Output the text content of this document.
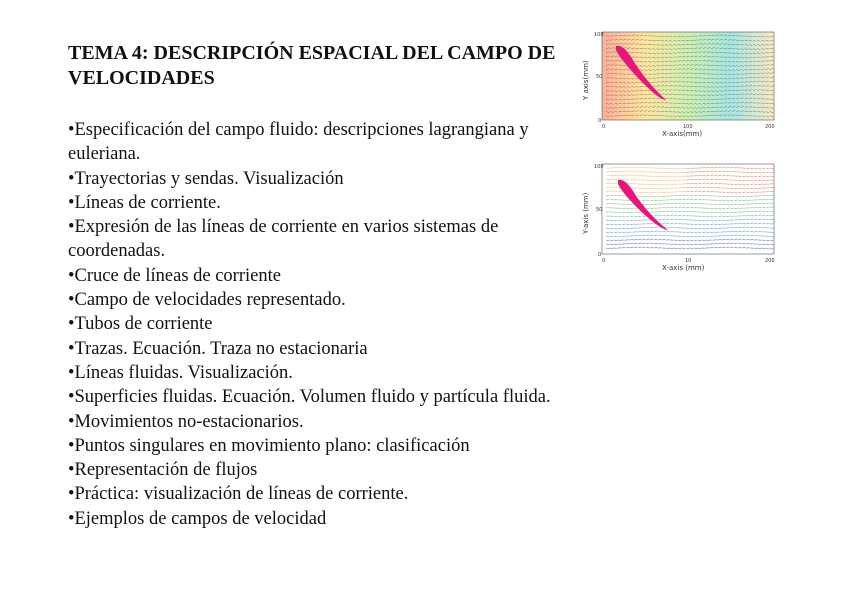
TEMA 4: DESCRIPCIÓN ESPACIAL DEL CAMPO DE VELOCIDADES
•Especificación del campo fluido: descripciones lagrangiana y euleriana.
•Trayectorias y sendas. Visualización
•Líneas de corriente.
•Expresión de las líneas de corriente en varios sistemas de coordenadas.
•Cruce de líneas de corriente
•Campo de velocidades representado.
•Tubos de corriente
•Trazas. Ecuación. Traza no estacionaria
•Líneas fluidas. Visualización.
•Superficies fluidas. Ecuación. Volumen fluido y partícula fluida.
•Movimientos no-estacionarios.
•Puntos singulares en movimiento plano: clasificación
•Representación de flujos
•Práctica: visualización de líneas de corriente.
•Ejemplos de campos de velocidad
100
50
0
0	100	200
X-axis(mm)
Y axis(mm)
100
50
0
0	10	200
X-axis (mm)
Y-axis (mm)
